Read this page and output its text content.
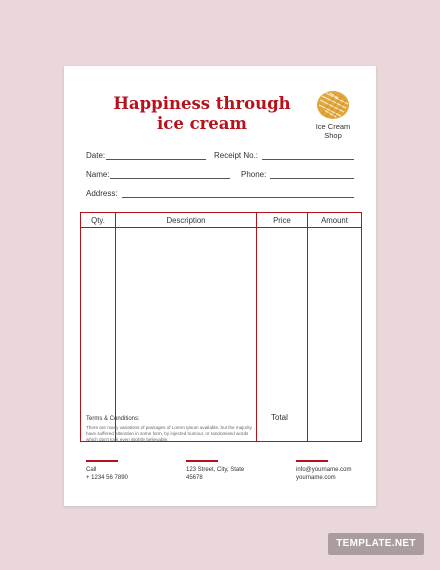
Happiness through
ice cream	Ice Cream
Shop
Date:	Receipt No.:
Name:	Phone:
Address:
Qty.	Description	Price	Amount

Terms & Conditions:
There are many variations of passages of Lorem Ipsum available, but the majority have suffered alteration in some form, by injected humour, or randomised words which don't look even slightly believable.
Total
Call
+ 1234 56 7890
123 Street, City, State
45678
info@yourname.com
yourname.com
TEMPLATE.NET
